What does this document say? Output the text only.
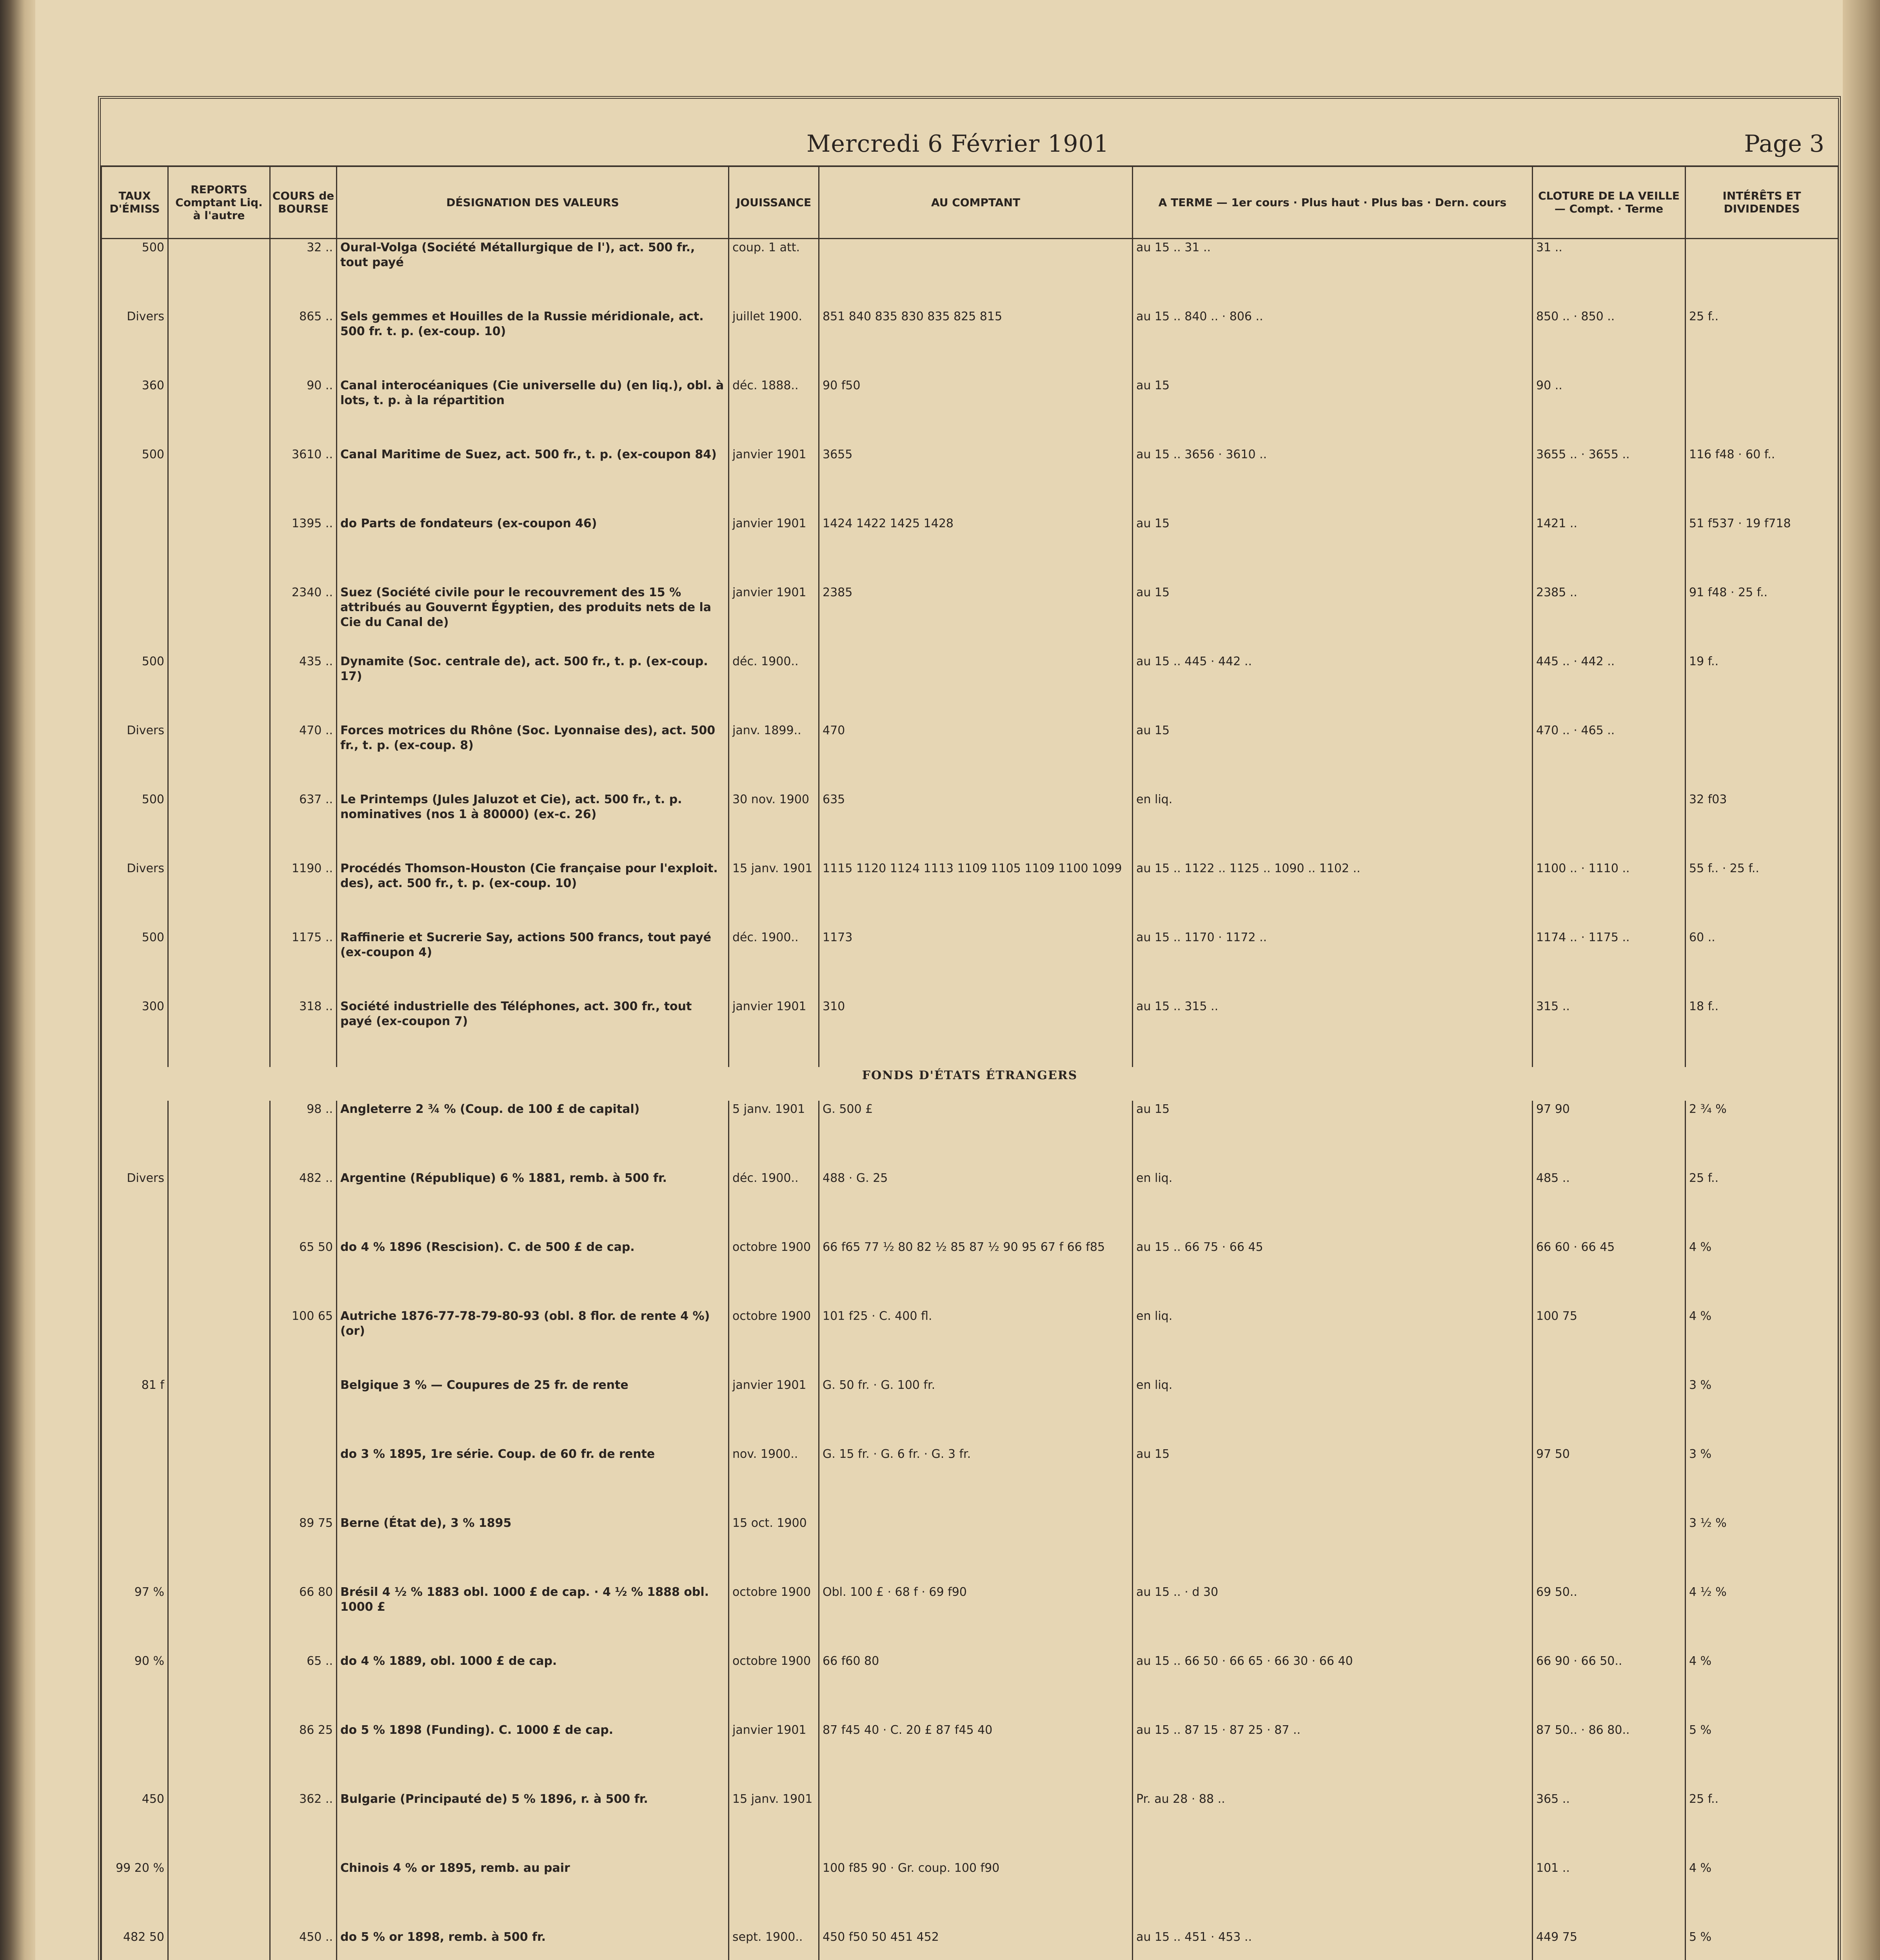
Mercredi 6 Février 1901	Page 3
TAUX D'ÉMISS	REPORTS Comptant Liq. à l'autre	COURS de BOURSE	DÉSIGNATION DES VALEURS	JOUISSANCE	AU COMPTANT	A TERME — 1er cours · Plus haut · Plus bas · Dern. cours	CLOTURE DE LA VEILLE — Compt. · Terme	INTÉRÊTS ET DIVIDENDES
500		32 ..	Oural-Volga (Société Métallurgique de l'), act. 500 fr., tout payé	coup. 1 att.		au 15 .. 31 ..	31 ..	
Divers		865 ..	Sels gemmes et Houilles de la Russie méridionale, act. 500 fr. t. p. (ex-coup. 10)	juillet 1900.	851 840 835 830 835 825 815	au 15 .. 840 .. · 806 ..	850 .. · 850 ..	25 f..
360		90 ..	Canal interocéaniques (Cie universelle du) (en liq.), obl. à lots, t. p. à la répartition	déc. 1888..	90 f50	au 15	90 ..	
500		3610 ..	Canal Maritime de Suez, act. 500 fr., t. p. (ex-coupon 84)	janvier 1901	3655	au 15 .. 3656 · 3610 ..	3655 .. · 3655 ..	116 f48 · 60 f..
		1395 ..	do Parts de fondateurs (ex-coupon 46)	janvier 1901	1424 1422 1425 1428	au 15	1421 ..	51 f537 · 19 f718
		2340 ..	Suez (Société civile pour le recouvrement des 15 % attribués au Gouvernt Égyptien, des produits nets de la Cie du Canal de)	janvier 1901	2385	au 15	2385 ..	91 f48 · 25 f..
500		435 ..	Dynamite (Soc. centrale de), act. 500 fr., t. p. (ex-coup. 17)	déc. 1900..		au 15 .. 445 · 442 ..	445 .. · 442 ..	19 f..
Divers		470 ..	Forces motrices du Rhône (Soc. Lyonnaise des), act. 500 fr., t. p. (ex-coup. 8)	janv. 1899..	470	au 15	470 .. · 465 ..	
500		637 ..	Le Printemps (Jules Jaluzot et Cie), act. 500 fr., t. p. nominatives (nos 1 à 80000) (ex-c. 26)	30 nov. 1900	635	en liq.		32 f03
Divers		1190 ..	Procédés Thomson-Houston (Cie française pour l'exploit. des), act. 500 fr., t. p. (ex-coup. 10)	15 janv. 1901	1115 1120 1124 1113 1109 1105 1109 1100 1099	au 15 .. 1122 .. 1125 .. 1090 .. 1102 ..	1100 .. · 1110 ..	55 f.. · 25 f..
500		1175 ..	Raffinerie et Sucrerie Say, actions 500 francs, tout payé (ex-coupon 4)	déc. 1900..	1173	au 15 .. 1170 · 1172 ..	1174 .. · 1175 ..	60 ..
300		318 ..	Société industrielle des Téléphones, act. 300 fr., tout payé (ex-coupon 7)	janvier 1901	310	au 15 .. 315 ..	315 ..	18 f..
FONDS D'ÉTATS ÉTRANGERS								
		98 ..	Angleterre 2 ¾ % (Coup. de 100 £ de capital)	5 janv. 1901	G. 500 £	au 15	97 90	2 ¾ %
Divers		482 ..	Argentine (République) 6 % 1881, remb. à 500 fr.	déc. 1900..	488 · G. 25	en liq.	485 ..	25 f..
		65 50	do 4 % 1896 (Rescision). C. de 500 £ de cap.	octobre 1900	66 f65 77 ½ 80 82 ½ 85 87 ½ 90 95 67 f 66 f85	au 15 .. 66 75 · 66 45	66 60 · 66 45	4 %
		100 65	Autriche 1876-77-78-79-80-93 (obl. 8 flor. de rente 4 %) (or)	octobre 1900	101 f25 · C. 400 fl.	en liq.	100 75	4 %
81 f			Belgique 3 % — Coupures de 25 fr. de rente	janvier 1901	G. 50 fr. · G. 100 fr.	en liq.		3 %
			do 3 % 1895, 1re série. Coup. de 60 fr. de rente	nov. 1900..	G. 15 fr. · G. 6 fr. · G. 3 fr.	au 15	97 50	3 %
		89 75	Berne (État de), 3 % 1895	15 oct. 1900				3 ½ %
97 %		66 80	Brésil 4 ½ % 1883 obl. 1000 £ de cap. · 4 ½ % 1888 obl. 1000 £	octobre 1900	Obl. 100 £ · 68 f · 69 f90	au 15 .. · d 30	69 50..	4 ½ %
90 %		65 ..	do 4 % 1889, obl. 1000 £ de cap.	octobre 1900	66 f60 80	au 15 .. 66 50 · 66 65 · 66 30 · 66 40	66 90 · 66 50..	4 %
		86 25	do 5 % 1898 (Funding). C. 1000 £ de cap.	janvier 1901	87 f45 40 · C. 20 £ 87 f45 40	au 15 .. 87 15 · 87 25 · 87 ..	87 50.. · 86 80..	5 %
450		362 ..	Bulgarie (Principauté de) 5 % 1896, r. à 500 fr.	15 janv. 1901		Pr. au 28 · 88 ..	365 ..	25 f..
99 20 %			Chinois 4 % or 1895, remb. au pair		100 f85 90 · Gr. coup. 100 f90		101 ..	4 %
482 50		450 ..	do 5 % or 1898, remb. à 500 fr.	sept. 1900..	450 f50 50 451 452	au 15 .. 451 · 453 ..	449 75	5 %
